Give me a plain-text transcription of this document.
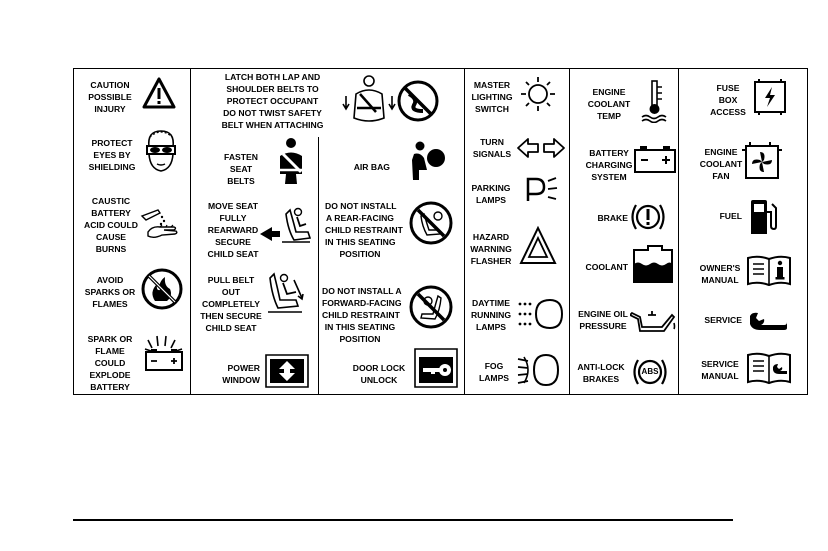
CAUTION
POSSIBLE
INJURY
PROTECT
EYES BY
SHIELDING
CAUSTIC
BATTERY
ACID COULD
CAUSE
BURNS
AVOID
SPARKS OR
FLAMES
SPARK OR
FLAME
COULD
EXPLODE
BATTERY
LATCH BOTH LAP AND
SHOULDER BELTS TO
PROTECT OCCUPANT
DO NOT TWIST SAFETY
BELT WHEN ATTACHING
FASTEN
SEAT
BELTS
AIR BAG
MOVE SEAT
FULLY
REARWARD
SECURE
CHILD SEAT
DO NOT INSTALL
A REAR-FACING
CHILD RESTRAINT
IN THIS SEATING
POSITION
PULL BELT
OUT
COMPLETELY
THEN SECURE
CHILD SEAT
DO NOT INSTALL A
FORWARD-FACING
CHILD RESTRAINT
IN THIS SEATING
POSITION
POWER
WINDOW
DOOR LOCK
UNLOCK
MASTER
LIGHTING
SWITCH
TURN
SIGNALS
PARKING
LAMPS
HAZARD
WARNING
FLASHER
DAYTIME
RUNNING
LAMPS
FOG
LAMPS
ENGINE
COOLANT
TEMP
BATTERY
CHARGING
SYSTEM
BRAKE
COOLANT
ENGINE OIL
PRESSURE
ANTI-LOCK
BRAKES
ABS
FUSE
BOX
ACCESS
ENGINE
COOLANT
FAN
FUEL
OWNER'S
MANUAL
SERVICE
SERVICE
MANUAL
